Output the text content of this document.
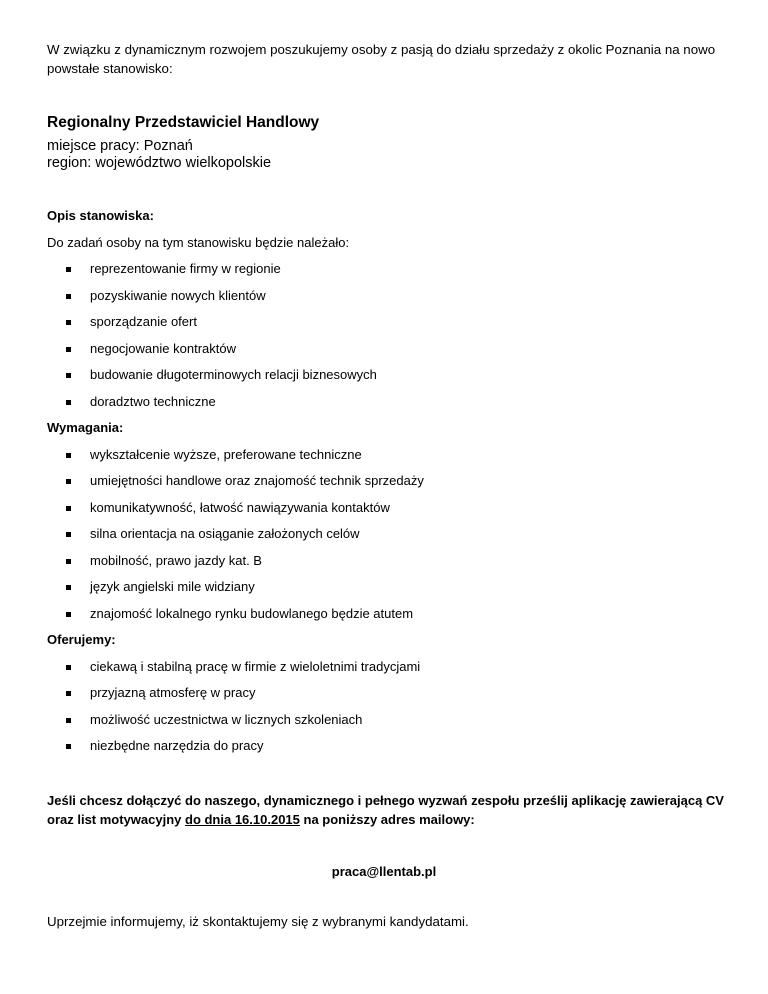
W związku z dynamicznym rozwojem poszukujemy osoby z pasją do działu sprzedaży z okolic Poznania na nowo powstałe stanowisko:
Regionalny Przedstawiciel Handlowy
miejsce pracy: Poznań
region: województwo wielkopolskie
Opis stanowiska:
Do zadań osoby na tym stanowisku będzie należało:
reprezentowanie firmy w regionie
pozyskiwanie nowych klientów
sporządzanie ofert
negocjowanie kontraktów
budowanie długoterminowych relacji biznesowych
doradztwo techniczne
Wymagania:
wykształcenie wyższe, preferowane techniczne
umiejętności handlowe oraz znajomość technik sprzedaży
komunikatywność, łatwość nawiązywania kontaktów
silna orientacja na osiąganie założonych celów
mobilność, prawo jazdy kat. B
język angielski mile widziany
znajomość lokalnego rynku budowlanego będzie atutem
Oferujemy:
ciekawą i stabilną pracę w firmie z wieloletnimi tradycjami
przyjazną atmosferę w pracy
możliwość uczestnictwa w licznych szkoleniach
niezbędne narzędzia do pracy
Jeśli chcesz dołączyć do naszego, dynamicznego i pełnego wyzwań zespołu prześlij aplikację zawierającą CV oraz list motywacyjny do dnia 16.10.2015 na poniższy adres mailowy:
praca@llentab.pl
Uprzejmie informujemy, iż skontaktujemy się z wybranymi kandydatami.
